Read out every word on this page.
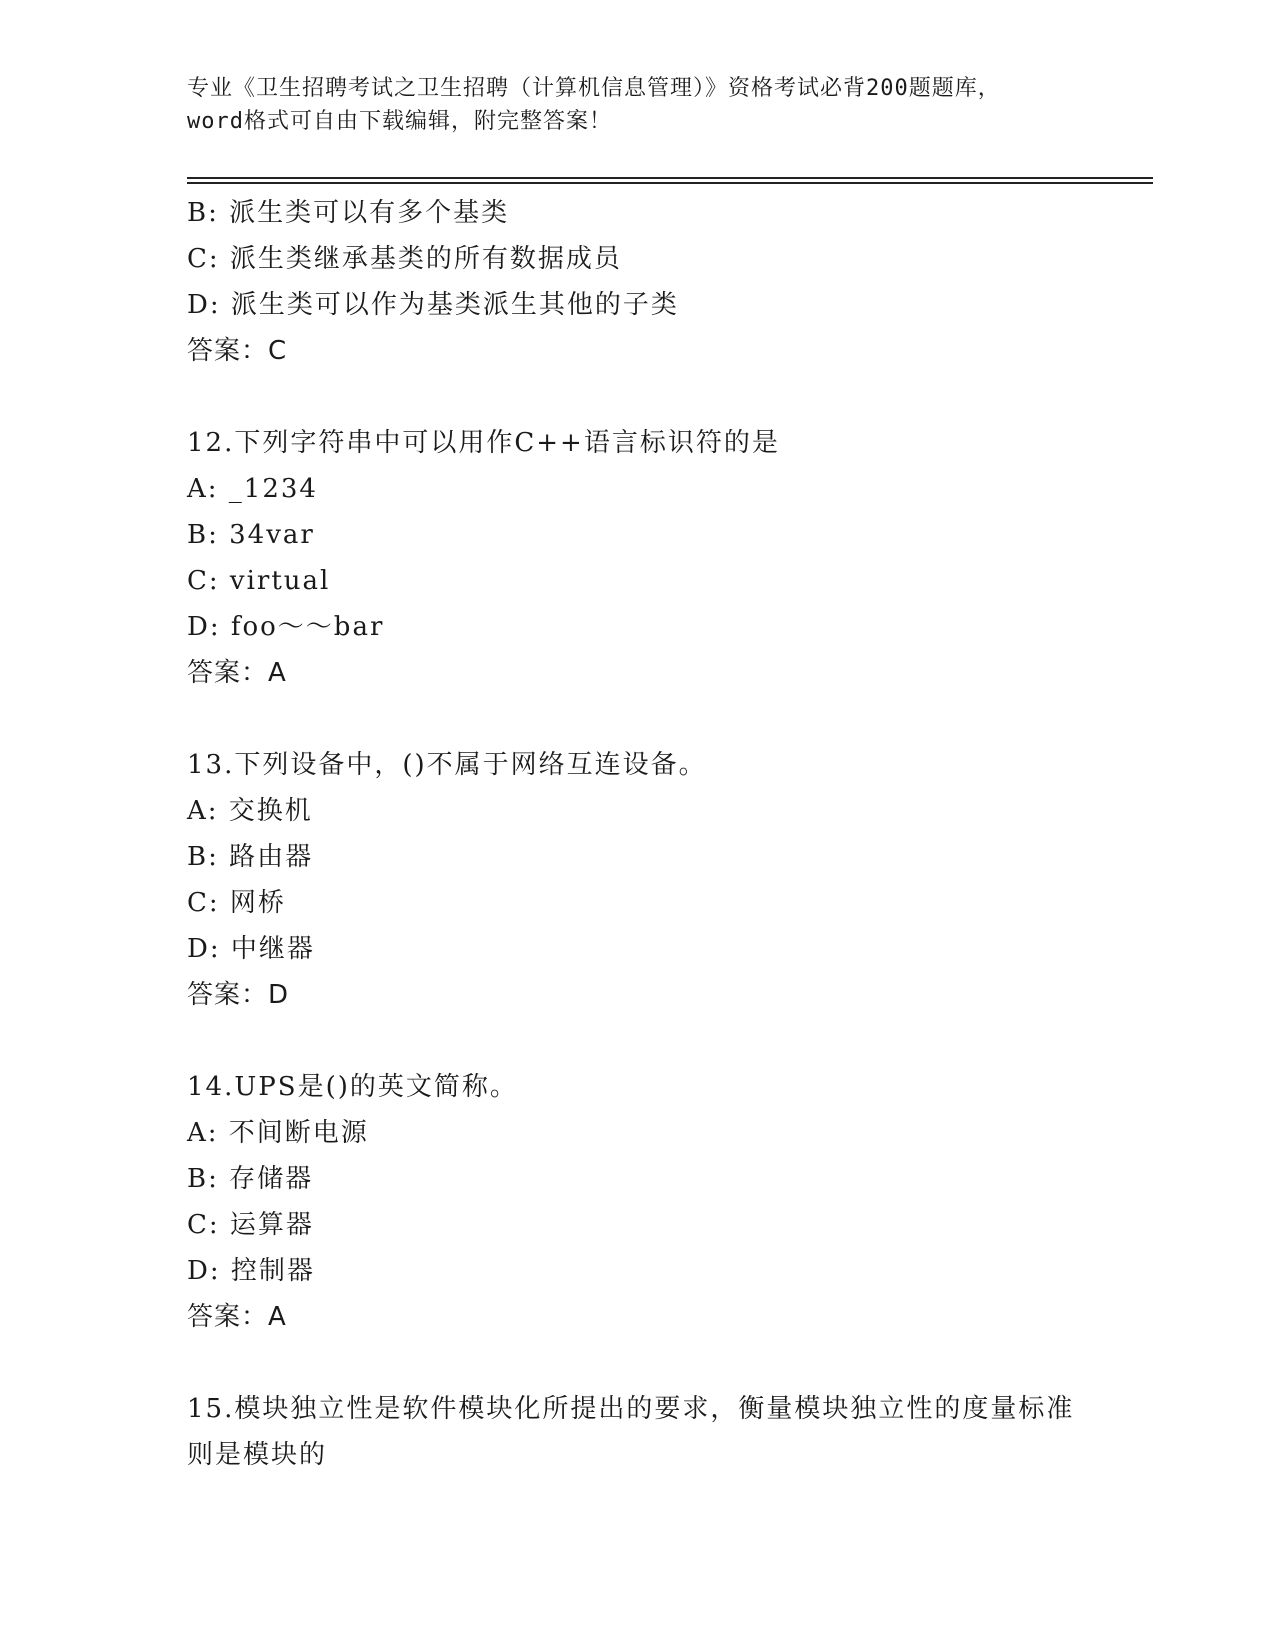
专业《卫生招聘考试之卫生招聘（计算机信息管理）》资格考试必背200题题库，
word格式可自由下载编辑，附完整答案！
B: 派生类可以有多个基类
C: 派生类继承基类的所有数据成员
D: 派生类可以作为基类派生其他的子类
答案：C
12.下列字符串中可以用作C++语言标识符的是
A: _1234
B: 34var
C: virtual
D: foo～～bar
答案：A
13.下列设备中，()不属于网络互连设备。
A: 交换机
B: 路由器
C: 网桥
D: 中继器
答案：D
14.UPS是()的英文简称。
A: 不间断电源
B: 存储器
C: 运算器
D: 控制器
答案：A
15.模块独立性是软件模块化所提出的要求，衡量模块独立性的度量标准则是模块的
